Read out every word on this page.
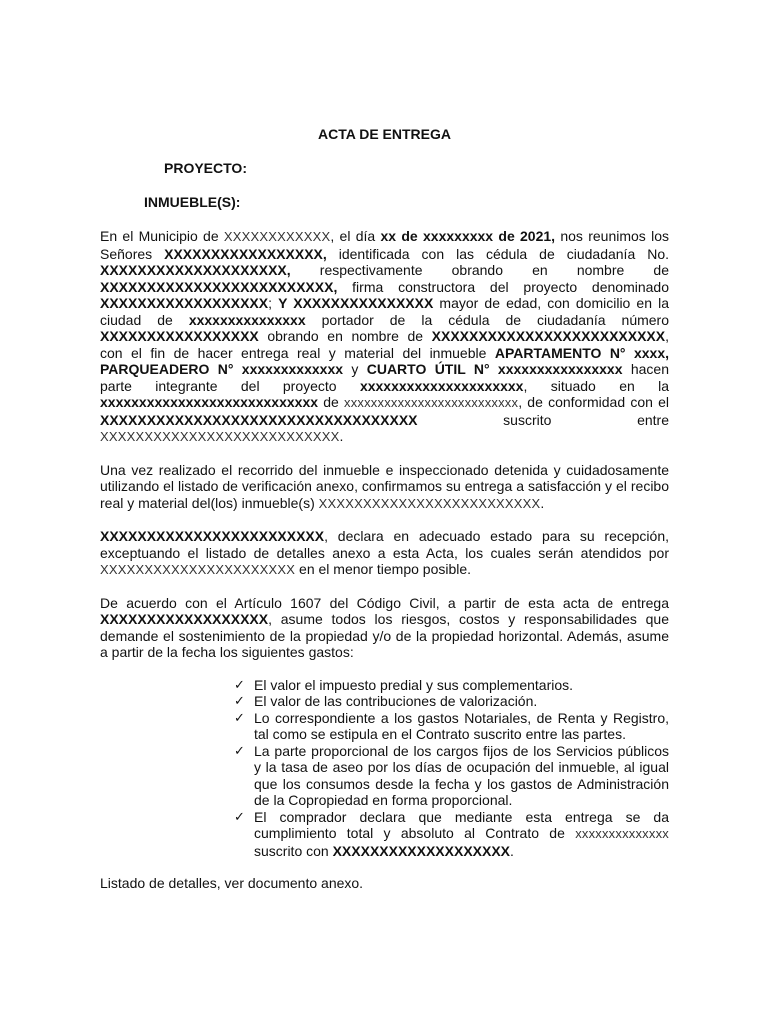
ACTA DE ENTREGA
PROYECTO:
INMUEBLE(S):

En el Municipio de XXXXXXXXXXXX, el día xx de xxxxxxxxx de 2021, nos reunimos los Señores XXXXXXXXXXXXXXXXX, identificada con las cédula de ciudadanía No. XXXXXXXXXXXXXXXXXXXX, respectivamente obrando en nombre de XXXXXXXXXXXXXXXXXXXXXXXXX, firma constructora del proyecto denominado XXXXXXXXXXXXXXXXXX; Y XXXXXXXXXXXXXXX mayor de edad, con domicilio en la ciudad de xxxxxxxxxxxxxxx portador de la cédula de ciudadanía número XXXXXXXXXXXXXXXXX obrando en nombre de XXXXXXXXXXXXXXXXXXXXXXXXX, con el fin de hacer entrega real y material del inmueble APARTAMENTO N° xxxx, PARQUEADERO N° xxxxxxxxxxxxx y CUARTO ÚTIL N° xxxxxxxxxxxxxxxx hacen parte integrante del proyecto xxxxxxxxxxxxxxxxxxxxx, situado en la xxxxxxxxxxxxxxxxxxxxxxxxxxxx de xxxxxxxxxxxxxxxxxxxxxxxxxx, de conformidad con el XXXXXXXXXXXXXXXXXXXXXXXXXXXXXXXXXX suscrito entre XXXXXXXXXXXXXXXXXXXXXXXXXXX.

Una vez realizado el recorrido del inmueble e inspeccionado detenida y cuidadosamente utilizando el listado de verificación anexo, confirmamos su entrega a satisfacción y el recibo real y material del(los) inmueble(s) XXXXXXXXXXXXXXXXXXXXXXXXX.

XXXXXXXXXXXXXXXXXXXXXXXX, declara en adecuado estado para su recepción, exceptuando el listado de detalles anexo a esta Acta, los cuales serán atendidos por XXXXXXXXXXXXXXXXXXXXXX en el menor tiempo posible.

De acuerdo con el Artículo 1607 del Código Civil, a partir de esta acta de entrega XXXXXXXXXXXXXXXXXX, asume todos los riesgos, costos y responsabilidades que demande el sostenimiento de la propiedad y/o de la propiedad horizontal. Además, asume a partir de la fecha los siguientes gastos:

✓ El valor el impuesto predial y sus complementarios.
✓ El valor de las contribuciones de valorización.
✓ Lo correspondiente a los gastos Notariales, de Renta y Registro, tal como se estipula en el Contrato suscrito entre las partes.
✓ La parte proporcional de los cargos fijos de los Servicios públicos y la tasa de aseo por los días de ocupación del inmueble, al igual que los consumos desde la fecha y los gastos de Administración de la Copropiedad en forma proporcional.
✓ El comprador declara que mediante esta entrega se da cumplimiento total y absoluto al Contrato de xxxxxxxxxxxxxx suscrito con XXXXXXXXXXXXXXXXXXX.

Listado de detalles, ver documento anexo.
